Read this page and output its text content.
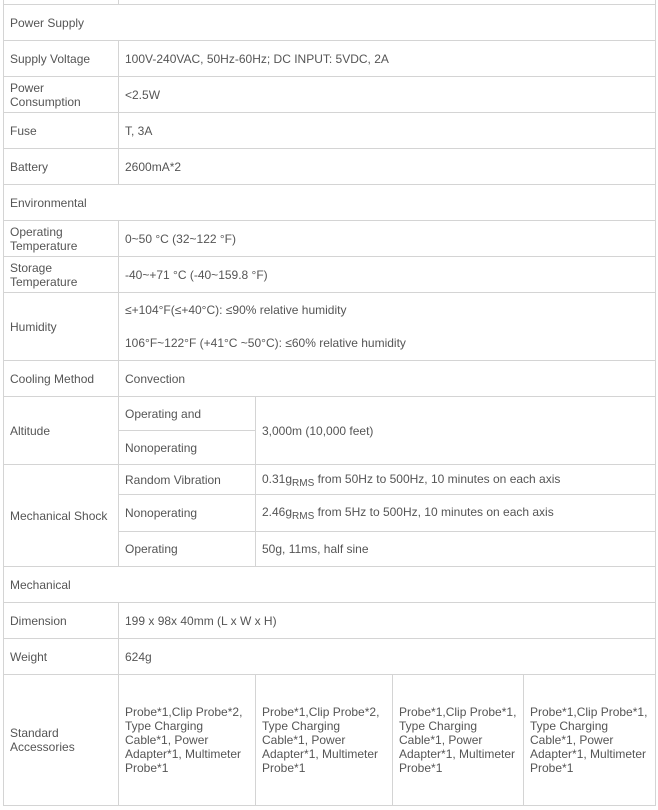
Power Supply				
Supply Voltage	100V-240VAC, 50Hz-60Hz; DC INPUT: 5VDC, 2A			
Power Consumption	<2.5W			
Fuse	T, 3A			
Battery	2600mA*2			
Environmental				
Operating Temperature	0~50 °C (32~122 °F)			
Storage Temperature	-40~+71 °C (-40~159.8 °F)			
Humidity	≤+104°F(≤+40°C): ≤90% relative humidity			
	106°F~122°F (+41°C ~50°C): ≤60% relative humidity			
Cooling Method	Convection			
Altitude	Operating and	3,000m (10,000 feet)		
	Nonoperating			
Mechanical Shock	Random Vibration	$0.31g_{RMS}$ from 50Hz to 500Hz, 10 minutes on each axis		
	Nonoperating	$2.46g_{RMS}$ from 5Hz to 500Hz, 10 minutes on each axis		
	Operating	50g, 11ms, half sine		
Mechanical				
Dimension	199 x 98x 40mm (L x W x H)			
Weight	624g			
Standard Accessories	Probe*1,Clip Probe*2, Type Charging Cable*1, Power Adapter*1, Multimeter Probe*1	Probe*1,Clip Probe*2, Type Charging Cable*1, Power Adapter*1, Multimeter Probe*1	Probe*1,Clip Probe*1, Type Charging Cable*1, Power Adapter*1, Multimeter Probe*1	Probe*1,Clip Probe*1, Type Charging Cable*1, Power Adapter*1, Multimeter Probe*1
